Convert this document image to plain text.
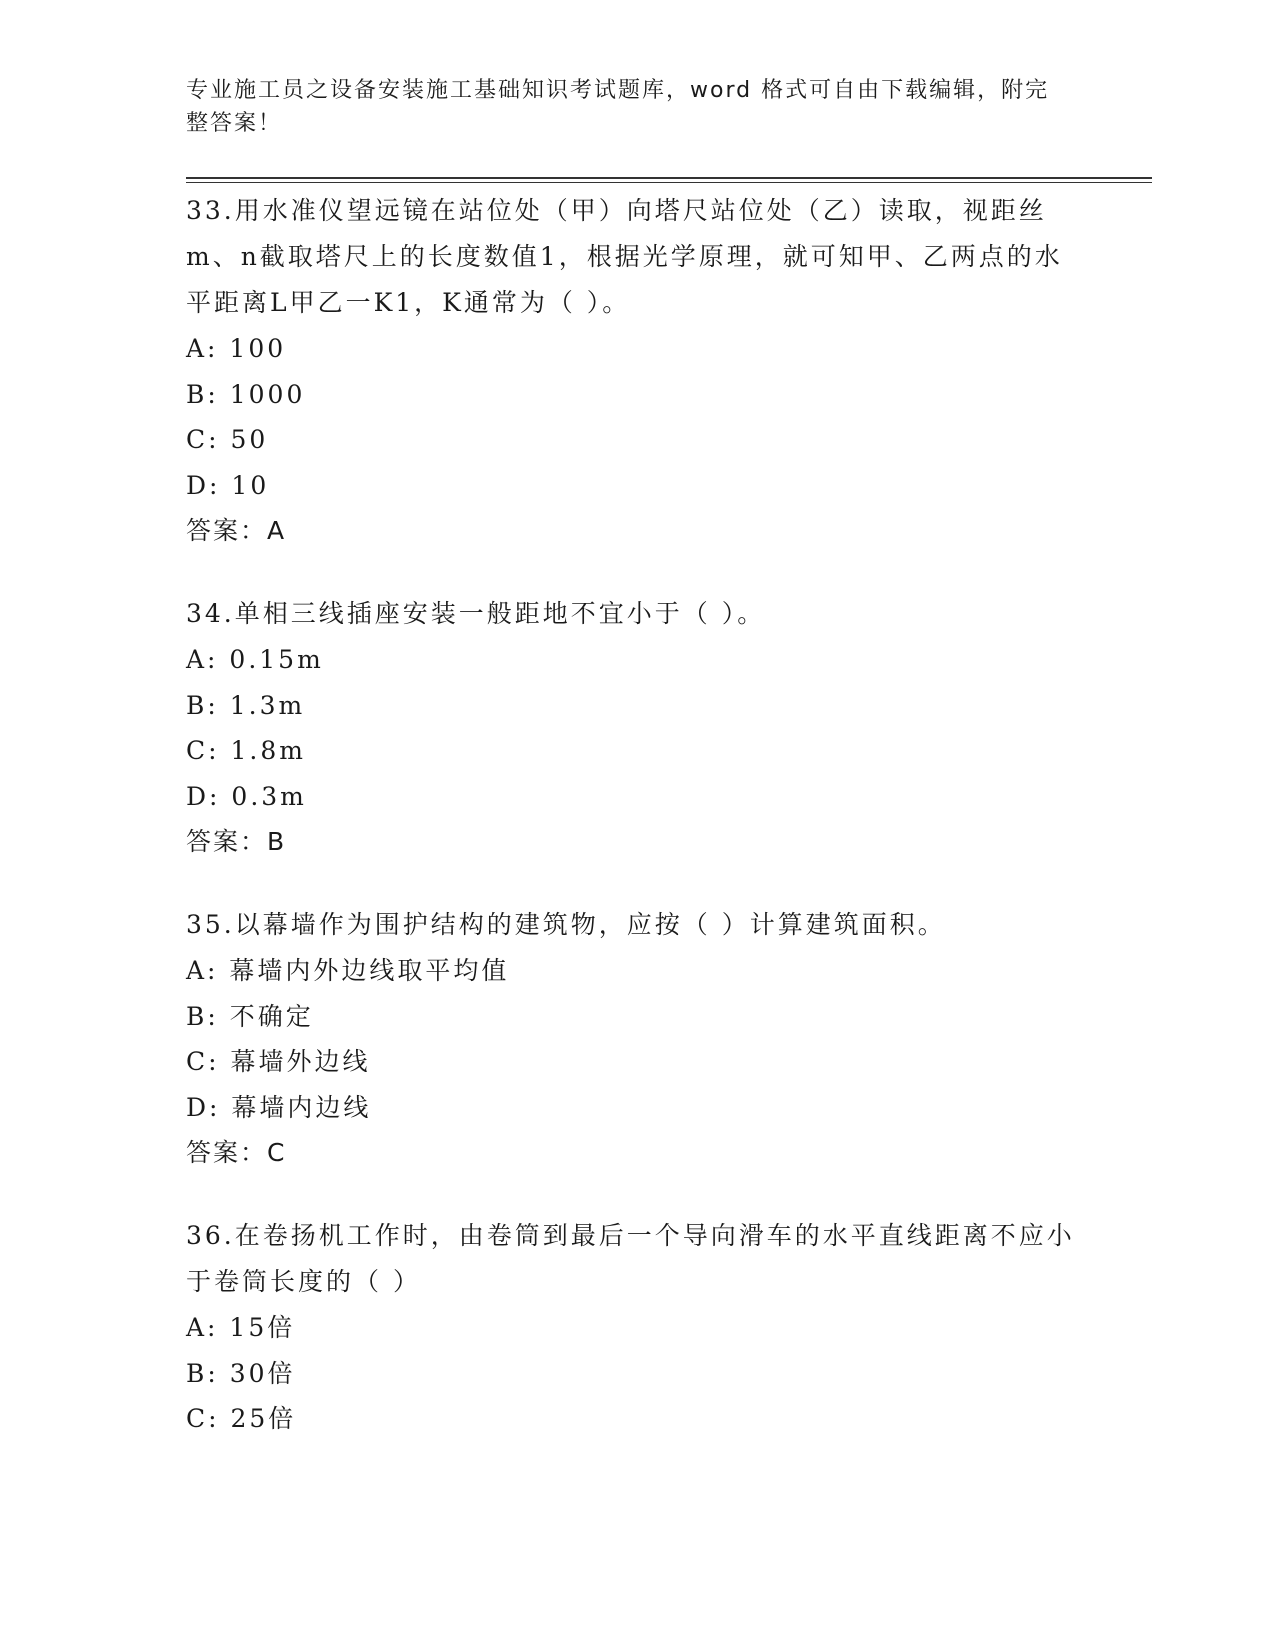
专业施工员之设备安装施工基础知识考试题库，word 格式可自由下载编辑，附完整答案！

33.用水准仪望远镜在站位处（甲）向塔尺站位处（乙）读取，视距丝m、n截取塔尺上的长度数值1，根据光学原理，就可知甲、乙两点的水平距离L甲乙一K1，K通常为（ ）。

A: 100

B: 1000

C: 50

D: 10

答案：A

34.单相三线插座安装一般距地不宜小于（ ）。

A: 0.15m

B: 1.3m

C: 1.8m

D: 0.3m

答案：B

35.以幕墙作为围护结构的建筑物，应按（ ）计算建筑面积。

A: 幕墙内外边线取平均值

B: 不确定

C: 幕墙外边线

D: 幕墙内边线

答案：C

36.在卷扬机工作时，由卷筒到最后一个导向滑车的水平直线距离不应小于卷筒长度的（ ）

A: 15倍

B: 30倍

C: 25倍
